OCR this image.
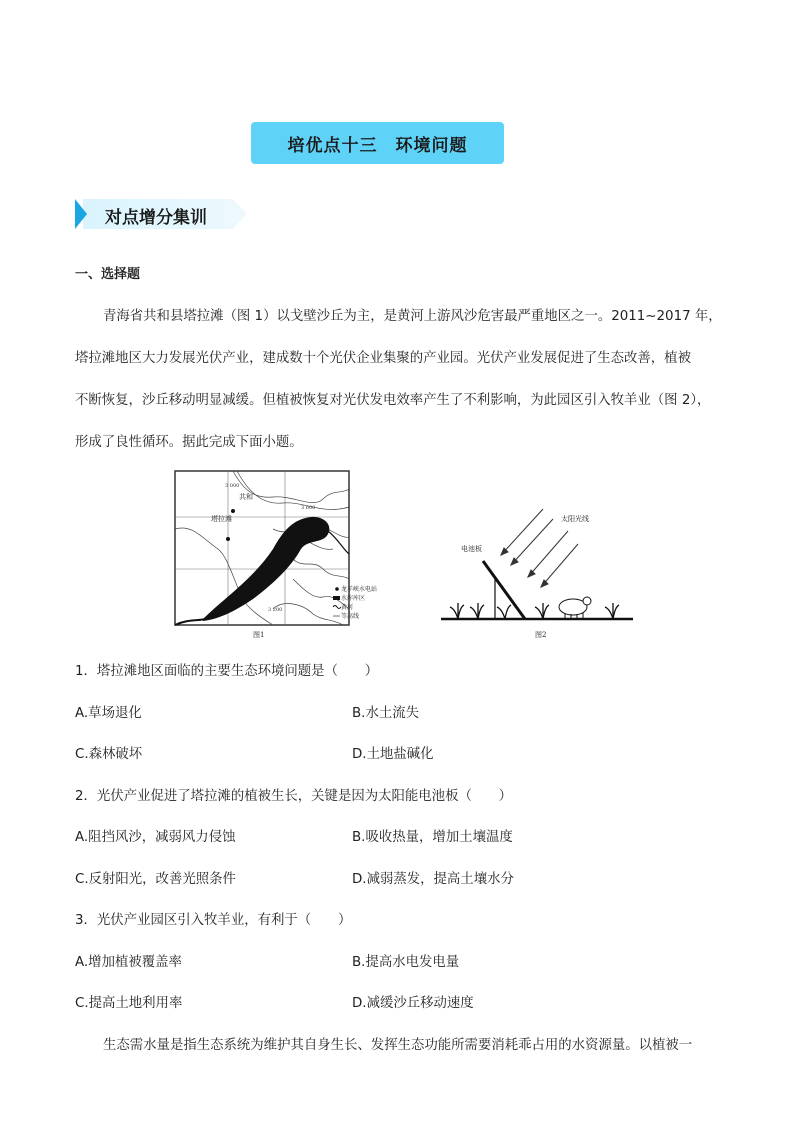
培优点十三　环境问题
对点增分集训
一、选择题
青海省共和县塔拉滩（图 1）以戈壁沙丘为主，是黄河上游风沙危害最严重地区之一。2011~2017 年，
塔拉滩地区大力发展光伏产业，建成数十个光伏企业集聚的产业园。光伏产业发展促进了生态改善，植被
不断恢复，沙丘移动明显减缓。但植被恢复对光伏发电效率产生了不利影响，为此园区引入牧羊业（图 2），
形成了良性循环。据此完成下面小题。
共和
塔拉滩
3 000
3 200
3 600
龙羊峡水电站
水库库区
黄河
等高线
图1
太阳光线
电池板
图2
1．塔拉滩地区面临的主要生态环境问题是（　　）
A.草场退化	B.水土流失
C.森林破坏	D.土地盐碱化
2．光伏产业促进了塔拉滩的植被生长，关键是因为太阳能电池板（　　）
A.阻挡风沙，减弱风力侵蚀	B.吸收热量，增加土壤温度
C.反射阳光，改善光照条件	D.减弱蒸发，提高土壤水分
3．光伏产业园区引入牧羊业，有利于（　　）
A.增加植被覆盖率	B.提高水电发电量
C.提高土地利用率	D.减缓沙丘移动速度
生态需水量是指生态系统为维护其自身生长、发挥生态功能所需要消耗乖占用的水资源量。以植被一
